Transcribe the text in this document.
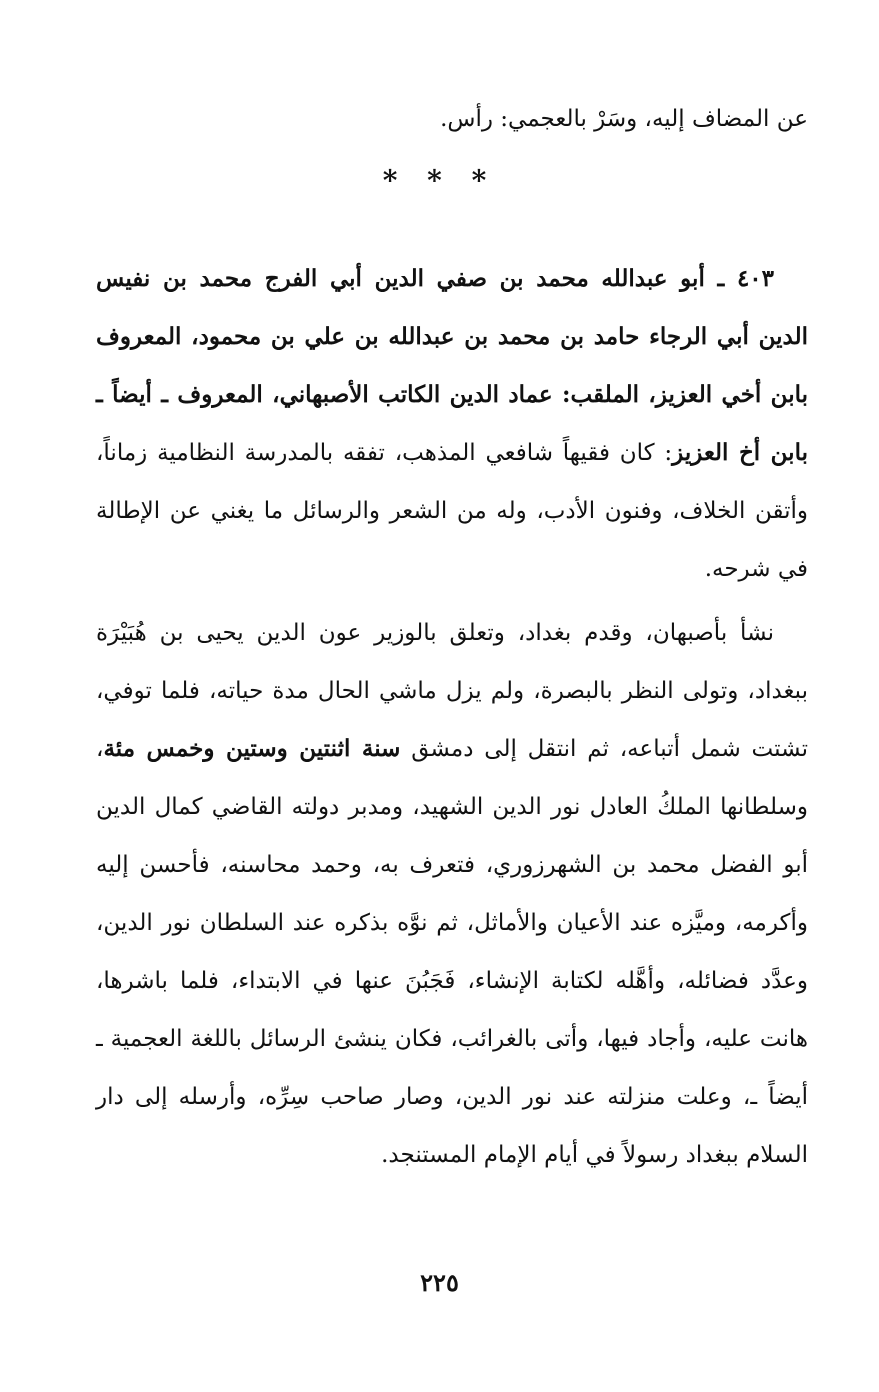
عن المضاف إليه، وسَرْ بالعجمي: رأس.

* * *

٤٠٣ ـ أبو عبدالله محمد بن صفي الدين أبي الفرج محمد بن نفيس الدين أبي الرجاء حامد بن محمد بن عبدالله بن علي بن محمود، المعروف بابن أخي العزيز، الملقب: عماد الدين الكاتب الأصبهاني، المعروف ـ أيضاً ـ بابن أخ العزيز: كان فقيهاً شافعي المذهب، تفقه بالمدرسة النظامية زماناً، وأتقن الخلاف، وفنون الأدب، وله من الشعر والرسائل ما يغني عن الإطالة في شرحه.

نشأ بأصبهان، وقدم بغداد، وتعلق بالوزير عون الدين يحيى بن هُبَيْرَة ببغداد، وتولى النظر بالبصرة، ولم يزل ماشي الحال مدة حياته، فلما توفي، تشتت شمل أتباعه، ثم انتقل إلى دمشق سنة اثنتين وستين وخمس مئة، وسلطانها الملكُ العادل نور الدين الشهيد، ومدبر دولته القاضي كمال الدين أبو الفضل محمد بن الشهرزوري، فتعرف به، وحمد محاسنه، فأحسن إليه وأكرمه، وميَّزه عند الأعيان والأماثل، ثم نوَّه بذكره عند السلطان نور الدين، وعدَّد فضائله، وأهَّله لكتابة الإنشاء، فَجَبُنَ عنها في الابتداء، فلما باشرها، هانت عليه، وأجاد فيها، وأتى بالغرائب، فكان ينشئ الرسائل باللغة العجمية ـ أيضاً ـ، وعلت منزلته عند نور الدين، وصار صاحب سِرِّه، وأرسله إلى دار السلام ببغداد رسولاً في أيام الإمام المستنجد.

٢٢٥
